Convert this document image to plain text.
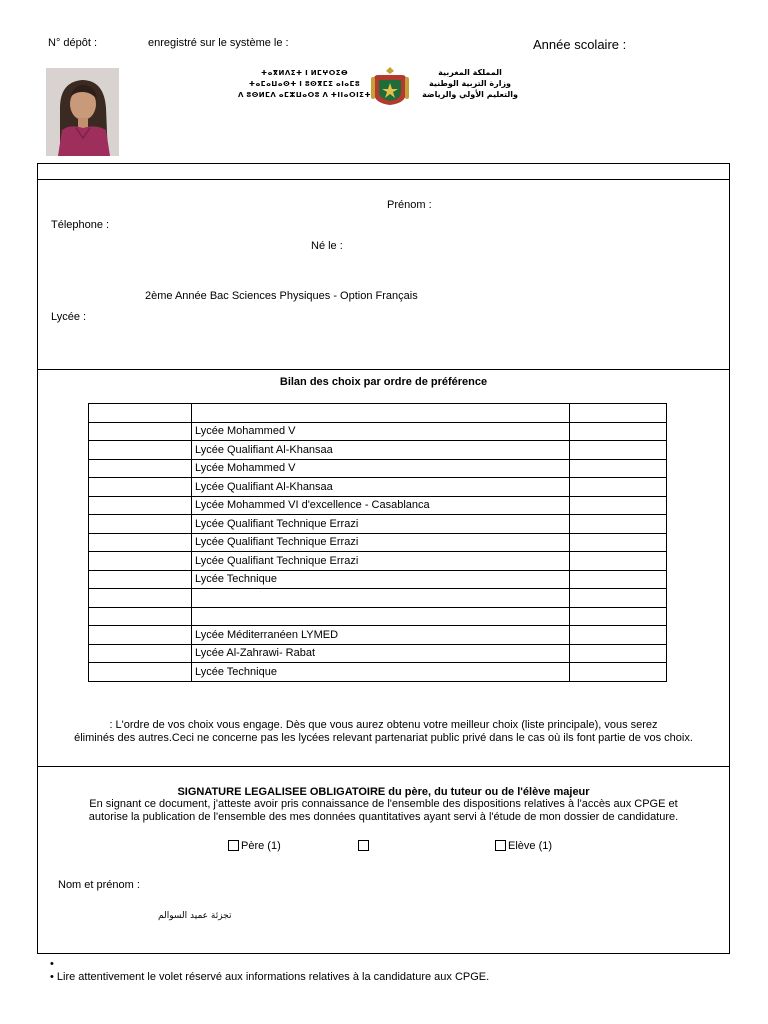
N° dépôt :	enregistré sur le système le :	Année scolaire :
ⵜⴰⴳⵍⴷⵉⵜ ⵏ ⵍⵎⵖⵔⵉⴱ
ⵜⴰⵎⴰⵡⴰⵙⵜ ⵏ ⵓⵙⴳⵎⵉ ⴰⵏⴰⵎⵓ
ⴷ ⵓⵙⵍⵎⴷ ⴰⵎⵣⵡⴰⵔⵓ ⴷ ⵜⵏⵏⴰⵔⵏⵉⵜ
المملكة المغربية
وزارة التربية الوطنية
والتعليم الأولي والرياضة
Prénom :
Télephone :
Né le :
2ème Année Bac Sciences Physiques - Option Français
Lycée :
Bilan des choix par ordre de préférence

	Lycée Mohammed V	
	Lycée Qualifiant Al-Khansaa	
	Lycée Mohammed V	
	Lycée Qualifiant Al-Khansaa	
	Lycée Mohammed VI d'excellence - Casablanca	
	Lycée Qualifiant Technique Errazi	
	Lycée Qualifiant Technique Errazi	
	Lycée Qualifiant Technique Errazi	
	Lycée Technique	

	Lycée Méditerranéen LYMED	
	Lycée Al-Zahrawi- Rabat	
	Lycée Technique	
: L'ordre de vos choix vous engage. Dès que vous aurez obtenu votre meilleur choix (liste principale), vous serez
éliminés des autres.Ceci ne concerne pas les lycées relevant partenariat public privé dans le cas où ils font partie de vos choix.
SIGNATURE LEGALISEE OBLIGATOIRE du père, du tuteur ou de l'élève majeur
En signant ce document, j'atteste avoir pris connaissance de l'ensemble des dispositions relatives à l'accès aux CPGE et
autorise la publication de l'ensemble des mes données quantitatives ayant servi à l'étude de mon dossier de candidature.
Père (1)	Elève (1)
Nom et prénom :
تجزئة عميد السوالم
•
• Lire attentivement le volet réservé aux informations relatives à la candidature aux CPGE.
